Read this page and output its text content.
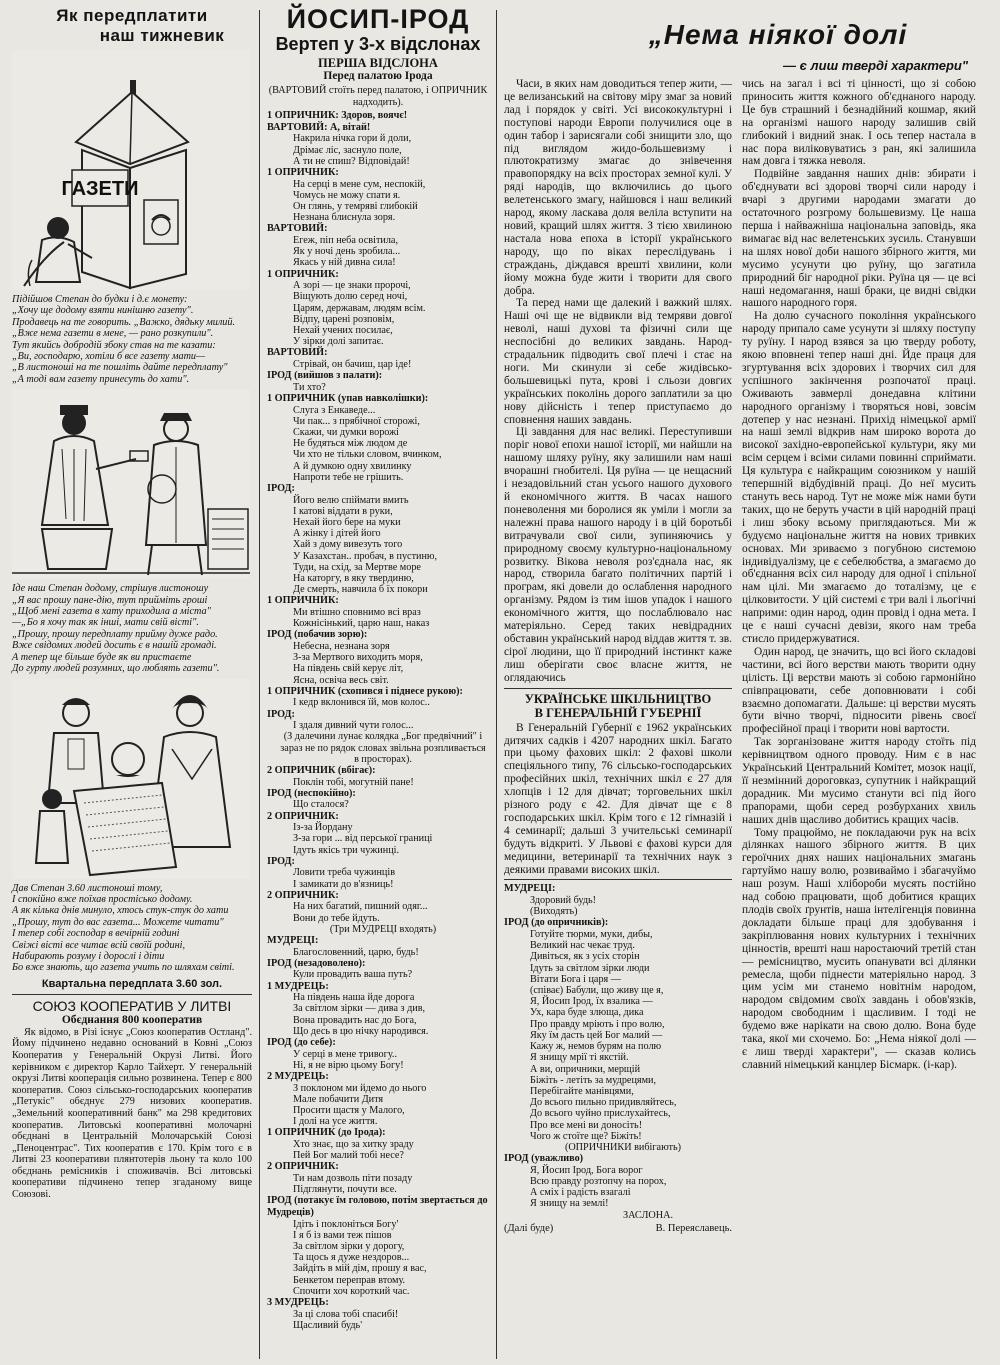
Як передплатити
наш тижневик
ГАЗЕТИ
Підійшов Степан до будки і д.є монету:
„Хочу ще додому взяти нинішню газету".
Продавець на те говорить. „Важко, дядьку милий.
„Вже нема газети в мене, — рано розкупили".
Тут якийсь добродій збоку став на те казати:
„Ви, господарю, хотіли б все газету мати—
„В листоноші на те пошліть дайте передплату"
„А тоді вам газету принесуть до хати".
Іде наш Степан додому, стрішув листоношу
„Я вас прошу пане-дію, тут прийміть гроші
„Щоб мені газета в хату приходила а міста"
—„Бо я хочу так як інші, мати свій вісті".
„Прошу, прошу передплату прийму дуже радо.
Вже свідомих людей досить є в нашій громаді.
А тепер ще більше буде як ви пристаєте
До гурту людей розумних, що люблять газети".
Дав Степан 3.60 листоноші тому,
І спокійно вже поїхав простісько додому.
А як кілька днів минуло, хтось стук-стук до хати
„Прошу, тут до вас газета... Можете читати"
І тепер собі господар в вечірній годині
Свіжі вісті все читає всій своїй родині,
Набирають розуму і дорослі і діти
Бо вже знають, що газета учить по шляхам світі.
Квартальна передплата 3.60 зол.
СОЮЗ КООПЕРАТИВ У ЛИТВІ
Обєднання 800 кооператив
Як відомо, в Різі існує „Союз кооператив Остланд". Йому підчинено недавно оснований в Ковні „Союз Кооператив у Генеральній Окрузі Литві. Його керівником є директор Карло Тайхерт. У генеральній окрузі Литві кооперація сильно розвинена. Тепер є 800 кооператив. Союз сільсько-господарських кооператив „Петукіс" обєднує 279 низових кооператив. „Земельний кооперативний банк" ма 298 кредитових кооператив. Литовські кооперативні молочарні обєднані в Центральній Молочарській Союзі „Пеноцентрас". Тих кооператив є 170. Крім того є в Литві 23 кооперативи плянтотерів льону та коло 100 обєднань ремісників і споживачів. Всі литовські кооперативи підчинено тепер згаданому вище Союзові.
ЙОСИП-ІРОД
Вертеп у 3-х відслонах
ПЕРША ВІДСЛОНА
Перед палатою Ірода
(ВАРТОВИЙ стоїть перед палатою, і ОПРИЧНИК надходить).
1 ОПРИЧНИК: Здоров, воячє!
ВАРТОВИЙ: А, вітай!
Накрила нічка гори й доли,
Дрімає ліс, заснуло поле,
А ти не спиш? Відповідай!
1 ОПРИЧНИК:
На серці в мене сум, неспокій,
Чомусь не можу спати я.
Он глянь, у темряві глибокій
Незнана блиснула зоря.
ВАРТОВИЙ:
Егеж, піп неба освітила,
Як у ночі день зробила...
Якась у ній дивна сила!
1 ОПРИЧНИК:
А зорі — це знаки пророчі,
Віщують долю серед ночі,
Царям, державам, людям всім.
Відпу, царені розповім,
Нехай учених посилає,
У зірки долі запитає.
ВАРТОВИЙ:
Стрівай, он бачиш, цар іде!
ІРОД (вийшов з палати):
Ти хто?
1 ОПРИЧНИК (упав навколішки):
Слуга з Енкаведе...
Чи пак... з прябічної сторожі,
Скажи, чи думки ворожі
Не будяться між людом де
Чи хто не тільки словом, вчинком,
А й думкою одну хвилинку
Напроти тебе не грішить.
ІРОД:
Його велю спіймати вмить
І катові віддати в руки,
Нехай його бере на муки
А жінку і дітей його
Хай з дому вивезуть того
У Казахстан.. пробач, в пустиню,
Туди, на схід, за Мертве море
На каторгу, в яку твердиню,
Де смерть, навчила б їх покори
1 ОПРИЧНИК:
Ми втішно сповнимо всі враз
Кожнісінький, царю наш, наказ
ІРОД (побачив зорю):
Небесна, незнана зоря
З-за Мертвого виходить моря,
На південь свій керує літ,
Ясна, освіча весь світ.
1 ОПРИЧНИК (схопився і піднесе рукою):
І кедр вклонився їй, мов колос..
ІРОД:
І здаля дивний чути голос...
(З далечини лунає колядка „Бог предвічний" і зараз не по рядок словах звільна розпливається в просторах).
2 ОПРИЧНИК (вбігає):
Поклін тобі, могутній пане!
ІРОД (неспокійно):
Що сталося?
2 ОПРИЧНИК:
Із-за Йордану
З-за гори ... від перської границі
Ідуть якісь три чужинці.
ІРОД:
Ловити треба чужинців
І замикати до в'язниць!
2 ОПРИЧНИК:
На них багатий, пишний одяг...
Вони до тебе йдуть.
(Три МУДРЕЦІ входять)
МУДРЕЦІ:
Благословенний, царю, будь!
ІРОД (незадоволено):
Кули провадить ваша путь?
1 МУДРЕЦЬ:
На південь наша йде дорога
За світлом зірки — дива з див,
Вона провадить нас до Бога,
Що десь в цю нічку народився.
ІРОД (до себе):
У серці в мене тривогу..
Ні, я не вірю цьому Богу!
2 МУДРЕЦЬ:
З поклоном ми йдемо до нього
Мале побачити Дитя
Просити щастя у Малого,
І долі на усе життя.
1 ОПРИЧНИК (до Ірода):
Хто знає, що за хитку зраду
Пей Бог малий тобі несе?
2 ОПРИЧНИК:
Ти нам дозволь піти позаду
Підглянути, почути все.
ІРОД (потакує їм головою, потім звертається до Мудреців)
Ідіть і поклоніться Богу'
І я б із вами теж пішов
За світлом зірки у дорогу,
Та щось я дуже нездоров...
Зайдіть в мій дім, прошу я вас,
Бенкетом переправ втому.
Спочити хоч короткий час.
3 МУДРЕЦЬ:
За ці слова тобі спасибі!
Щасливий будь'
„Нема ніякої долі
— є лиш тверді характери"

Часи, в яких нам доводиться тепер жити, — це велизанський на світову міру змаг за новий лад і порядок у світі. Усі висококультурні і поступові народи Европи получилися оце в один табор і зарисягали собі знищити зло, що під виглядом жидо-большевизму і плютократизму змагає до знівечення правопорядку на всіх просторах земної кулі. У ряді народів, що включились до цього велетенського змагу, найшовся і наш великий народ, якому ласкава доля веліла вступити на новий, кращий шлях життя. З тією хвилиною настала нова епоха в історії українського народу, що по віках переслідувань і страждань, діждався врешті хвилини, коли йому можна буде жити і творити для свого добра.

Та перед нами ще далекий і важкий шлях. Наші очі ще не відвикли від темряви довгої неволі, наші духові та фізичні сили ще неспосібні до великих завдань. Народ-страдальник підводить свої плечі і стає на ноги. Ми скинули зі себе жидівсько-большевицькі пута, крові і сльози довгих українських поколінь дорого заплатили за цю нову дійсність і тепер приступаємо до сповнення наших завдань.

Ці завдання для нас великі. Переступивши поріг нової епохи нашої історії, ми найшли на нашому шляху руїну, яку залишили нам наші вчорашні гнобителі. Ця руїна — це нещасний і незадовільний стан усього нашого духового й економічного життя. В часах нашого поневолення ми боролися як уміли і могли за належні права нашого народу і в цій боротьбі витрачували свої сили, зупиняючись у природному своєму культурно-національному розвитку. Вікова неволя роз'єднала нас, як народ, створила багато політичних партій і програм, які довели до ослаблення народного організму. Рядом із тим ішов упадок і нашого економічного життя, що послаблювало нас матеріяльно. Серед таких невідрадних обставин український народ віддав життя т. зв. сірої людини, що її природний інстинкт каже лиш оберігати своє власне життя, не оглядаючись

УКРАЇНСЬКЕ ШКІЛЬНИЦТВО
В ГЕНЕРАЛЬНІЙ ГУБЕРНІЇ

В Генеральній Губернії є 1962 українських дитячих садків і 4207 народних шкіл. Багато при цьому фахових шкіл: 2 фахові школи спеціяльного типу, 76 сільсько-господарських професійних шкіл, технічних шкіл є 27 для хлопців і 12 для дівчат; торговельних шкіл різного роду є 42. Для дівчат ще є 8 господарських шкіл. Крім того є 12 гімназій і 4 семинарії; дальші 3 учительські семинарії будуть відкриті. У Львові є фахові курси для медицини, ветеринарії та технічних наук з деякими правами високих шкіл.

МУДРЕЦІ:
Здоровий будь!
(Виходять)
ІРОД (до опричників):
Готуйте тюрми, муки, дибы,
Великий нас чекає труд.
Дивіться, як з усіх сторін
Ідуть за світлом зірки люди
Вітати Бога і царя —
(співає) Бабули, що живу ще я,
Я, Йосип Ірод, їх взалика —
Ух, кара буде злюща, дика
Про правду мріють і про волю,
Яку їм дасть цей Бог малий —
Кажу ж, немов бурям на полю
Я знищу мрії ті якстій.
А ви, опричники, мерщій
Біжіть - летіть за мудрецями,
Перебігайте манівцями,
До всього пильно придивляйтесь,
До всього чуйно прислухайтесь,
Про все мені ви доносіть!
Чого ж стоїте ще? Біжіть!
(ОПРИЧНИКИ вибігають)
ІРОД (уважливо)
Я, Йосип Ірод, Бога ворог
Всю правду розтопчу на порох,
А сміх і радість взагалі
Я знищу на землі!
ЗАСЛОНА.
(Далі буде)	В. Переяславець.

чись на загал і всі ті цінності, що зі собою приносить життя кожного об'єднаного народу. Це був страшний і безнадійний кошмар, який на організмі нашого народу залишив свій глибокий і видний знак. І ось тепер настала в нас пора виліковуватись з ран, які залишила нам довга і тяжка неволя.

Подвійне завдання наших днів: збирати і об'єднувати всі здорові творчі сили народу і вчарі з другими народами змагати до остаточного розгрому большевизму. Це наша перша і найважніша національна заповідь, яка вимагає від нас велетенських зусиль. Станувши на шлях нової доби нашого збірного життя, ми мусимо усунути цю руїну, що загатила природний біг народної ріки. Руїна ця — це всі наші недомагання, наші браки, це видні свідки нашого народного горя.

На долю сучасного покоління українського народу припало саме усунути зі шляху поступу ту руїну. І народ взявся за цю тверду роботу, якою вповнені тепер наші дні. Йде праця для згуртування всіх здорових і творчих сил для успішного закінчення розпочатої праці. Оживають завмерлі донедавна клітини народного організму і творяться нові, зовсім дотепер у нас незнані. Прихід німецької армії на наші землі відкрив нам широко ворота до високої західно-европейської культури, яку ми всім серцем і всіми силами повинні сприймати. Ця культура є найкращим союзником у нашій тепершній відбудівній праці. До неї мусить стануть весь народ. Тут не може між нами бути таких, що не беруть участи в цій народній праці і лиш збоку всьому приглядаються. Ми ж будуємо національне життя на нових тривких основах. Ми зриваємо з погубною системою індивідуалізму, це є себелюбства, а змагаємо до об'єднання всіх сил народу для одної і спільної нам цілі. Ми змагаємо до тоталізму, це є цілковитости. У цій системі є три валі і льогічні наприми: один народ, один провід і одна мета. І це є наші сучасні девізи, якого нам треба стисло придержуватися.

Один народ, це значить, що всі його складові частини, всі його верстви мають творити одну цілість. Ці верстви мають зі собою гармонійно співпрацювати, себе доповнювати і собі взаємно допомагати. Дальше: ці верстви мусять бути вічно творчі, підносити рівень своєї професійної праці і творити нові вартости.

Так зорганізоване життя народу стоїть під керівництвом одного проводу. Ним є в нас Український Центральний Комітет, мозок нації, її незмінний дороговказ, супутник і найкращий дорадник. Ми мусимо станути всі під його прапорами, щоби серед розбурханих хвиль наших днів щасливо добитись кращих часів.

Тому працюймо, не покладаючи рук на всіх ділянках нашого збірного життя. В цих героїчних днях наших національних змагань гартуймо нашу волю, розвиваймо і збагачуймо наш розум. Наші хлібороби мусять постійно над собою працювати, щоб добитися кращих плодів своїх ґрунтів, наша інтелігенція повинна докладати більше праці для здобування і закріплювання нових культурних і технічних цінностів, врешті наш наростаючий третій стан — ремісництво, мусить опанувати всі ділянки ремесла, щоби піднести матеріяльно народ. З цим усім ми станемо новітнім народом, народом свідомим своїх завдань і обов'язків, народом свободним і щасливим. І тоді не будемо вже нарікати на свою долю. Вона буде така, якої ми схочемо. Бо: „Нема ніякої долі — є лиш тверді характери", — сказав колись славний німецький канцлер Бісмарк. (і-кар).
